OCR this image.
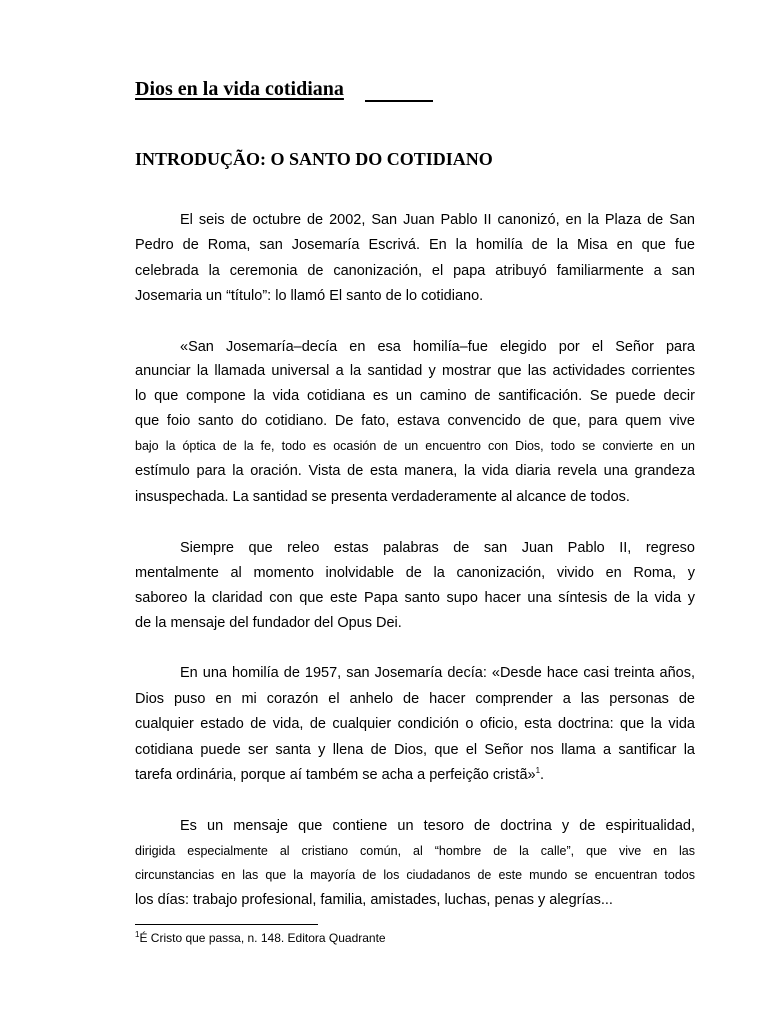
Dios en la vida cotidiana
INTRODUÇÃO: O SANTO DO COTIDIANO
El seis de octubre de 2002, San Juan Pablo II canonizó, en la Plaza de San
Pedro de Roma, san Josemaría Escrivá. En la homilía de la Misa en que fue
celebrada la ceremonia de canonización, el papa atribuyó familiarmente a san
Josemaria un “título”: lo llamó El santo de lo cotidiano.
«San Josemaría–decía en esa homilía–fue elegido por el Señor para
anunciar la llamada universal a la santidad y mostrar que las actividades corrientes
lo que compone la vida cotidiana es un camino de santificación. Se puede decir
que foio santo do cotidiano. De fato, estava convencido de que, para quem vive
bajo la óptica de la fe, todo es ocasión de un encuentro con Dios, todo se convierte en un
estímulo para la oración. Vista de esta manera, la vida diaria revela una grandeza
insuspechada. La santidad se presenta verdaderamente al alcance de todos.
Siempre que releo estas palabras de san Juan Pablo II, regreso
mentalmente al momento inolvidable de la canonización, vivido en Roma, y
saboreo la claridad con que este Papa santo supo hacer una síntesis de la vida y
de la mensaje del fundador del Opus Dei.
En una homilía de 1957, san Josemaría decía: «Desde hace casi treinta años,
Dios puso en mi corazón el anhelo de hacer comprender a las personas de
cualquier estado de vida, de cualquier condición o oficio, esta doctrina: que la vida
cotidiana puede ser santa y llena de Dios, que el Señor nos llama a santificar la
tarefa ordinária, porque aí também se acha a perfeição cristã»$^1$.
Es un mensaje que contiene un tesoro de doctrina y de espiritualidad,
dirigida especialmente al cristiano común, al “hombre de la calle”, que vive en las
circunstancias en las que la mayoría de los ciudadanos de este mundo se encuentran todos
los días: trabajo profesional, familia, amistades, luchas, penas y alegrías...
$^1$É Cristo que passa, n. 148. Editora Quadrante
